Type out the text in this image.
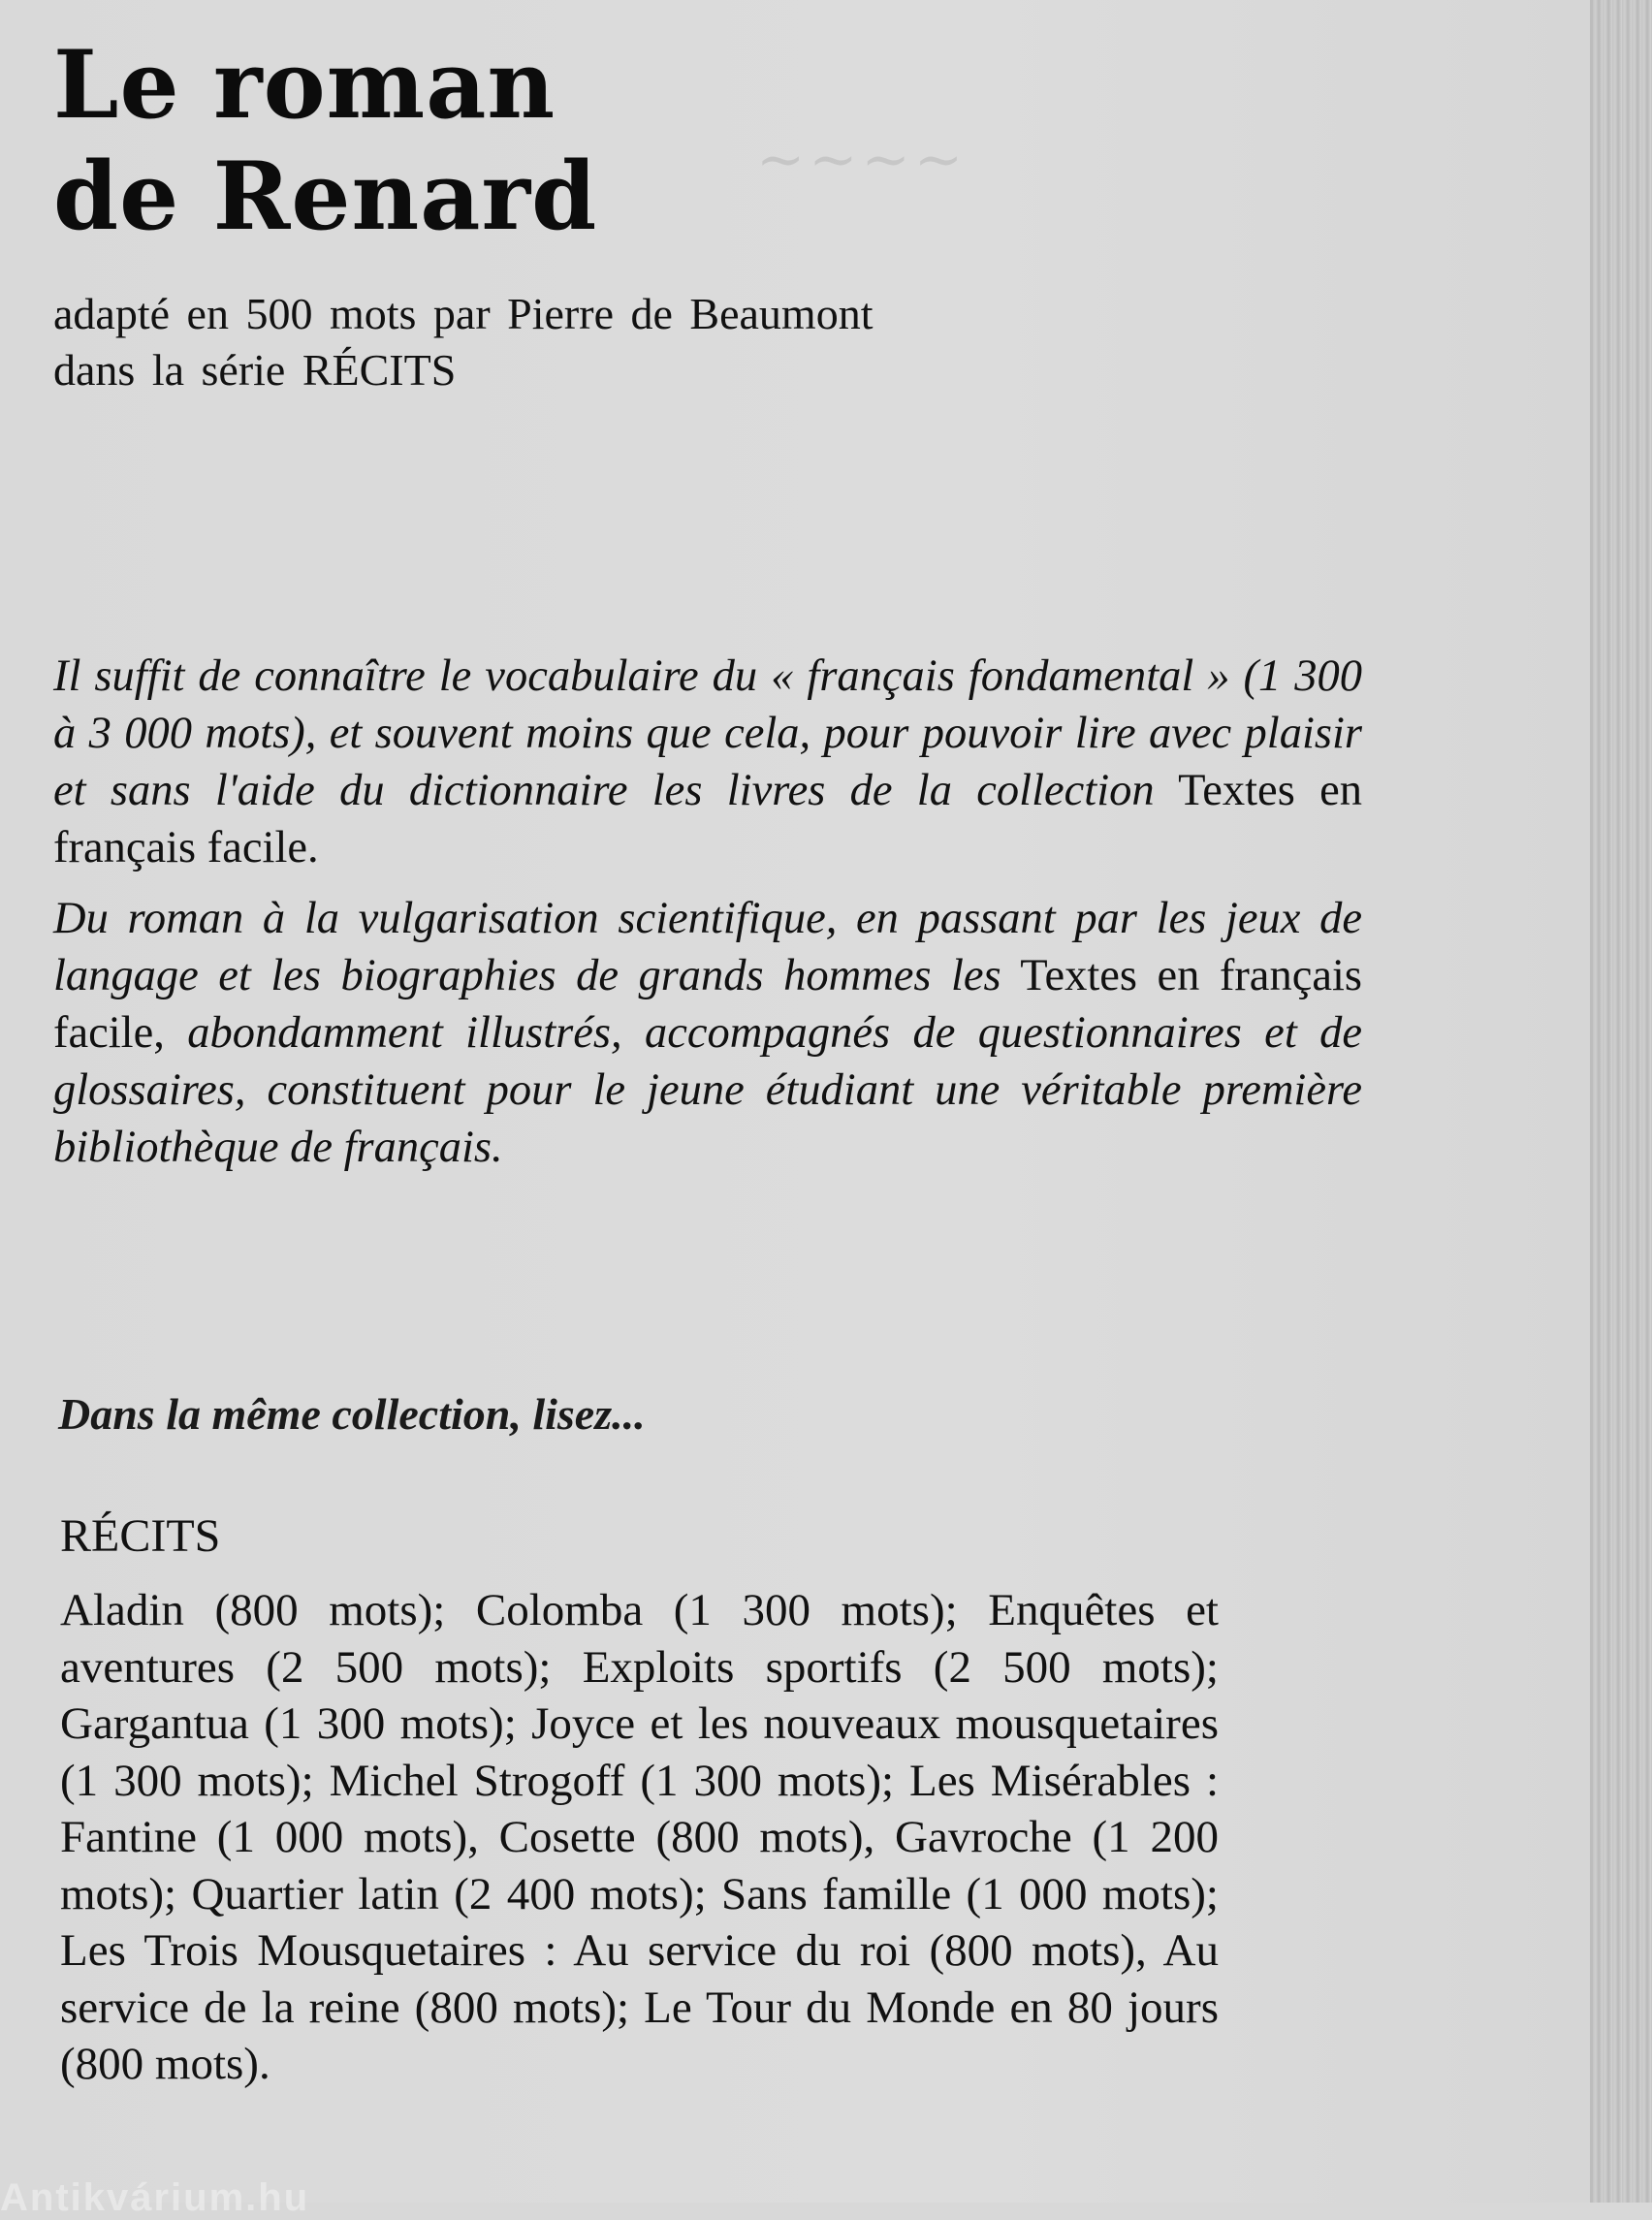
~~~~
Le roman
de Renard
adapté en 500 mots par Pierre de Beaumont
dans la série RÉCITS

Il suffit de connaître le vocabulaire du « français fondamental » (1 300 à 3 000 mots), et souvent moins que cela, pour pouvoir lire avec plaisir et sans l'aide du dictionnaire les livres de la collection Textes en français facile.

Du roman à la vulgarisation scientifique, en passant par les jeux de langage et les biographies de grands hommes les Textes en français facile, abondamment illustrés, accompagnés de questionnaires et de glossaires, constituent pour le jeune étudiant une véritable première bibliothèque de français.

Dans la même collection, lisez...
RÉCITS

Aladin (800 mots); Colomba (1 300 mots); Enquêtes et aventures (2 500 mots); Exploits sportifs (2 500 mots); Gargantua (1 300 mots); Joyce et les nouveaux mousquetaires (1 300 mots); Michel Strogoff (1 300 mots); Les Misérables : Fantine (1 000 mots), Cosette (800 mots), Gavroche (1 200 mots); Quartier latin (2 400 mots); Sans famille (1 000 mots); Les Trois Mousquetaires : Au service du roi (800 mots), Au service de la reine (800 mots); Le Tour du Monde en 80 jours (800 mots).

Antikvárium.hu
